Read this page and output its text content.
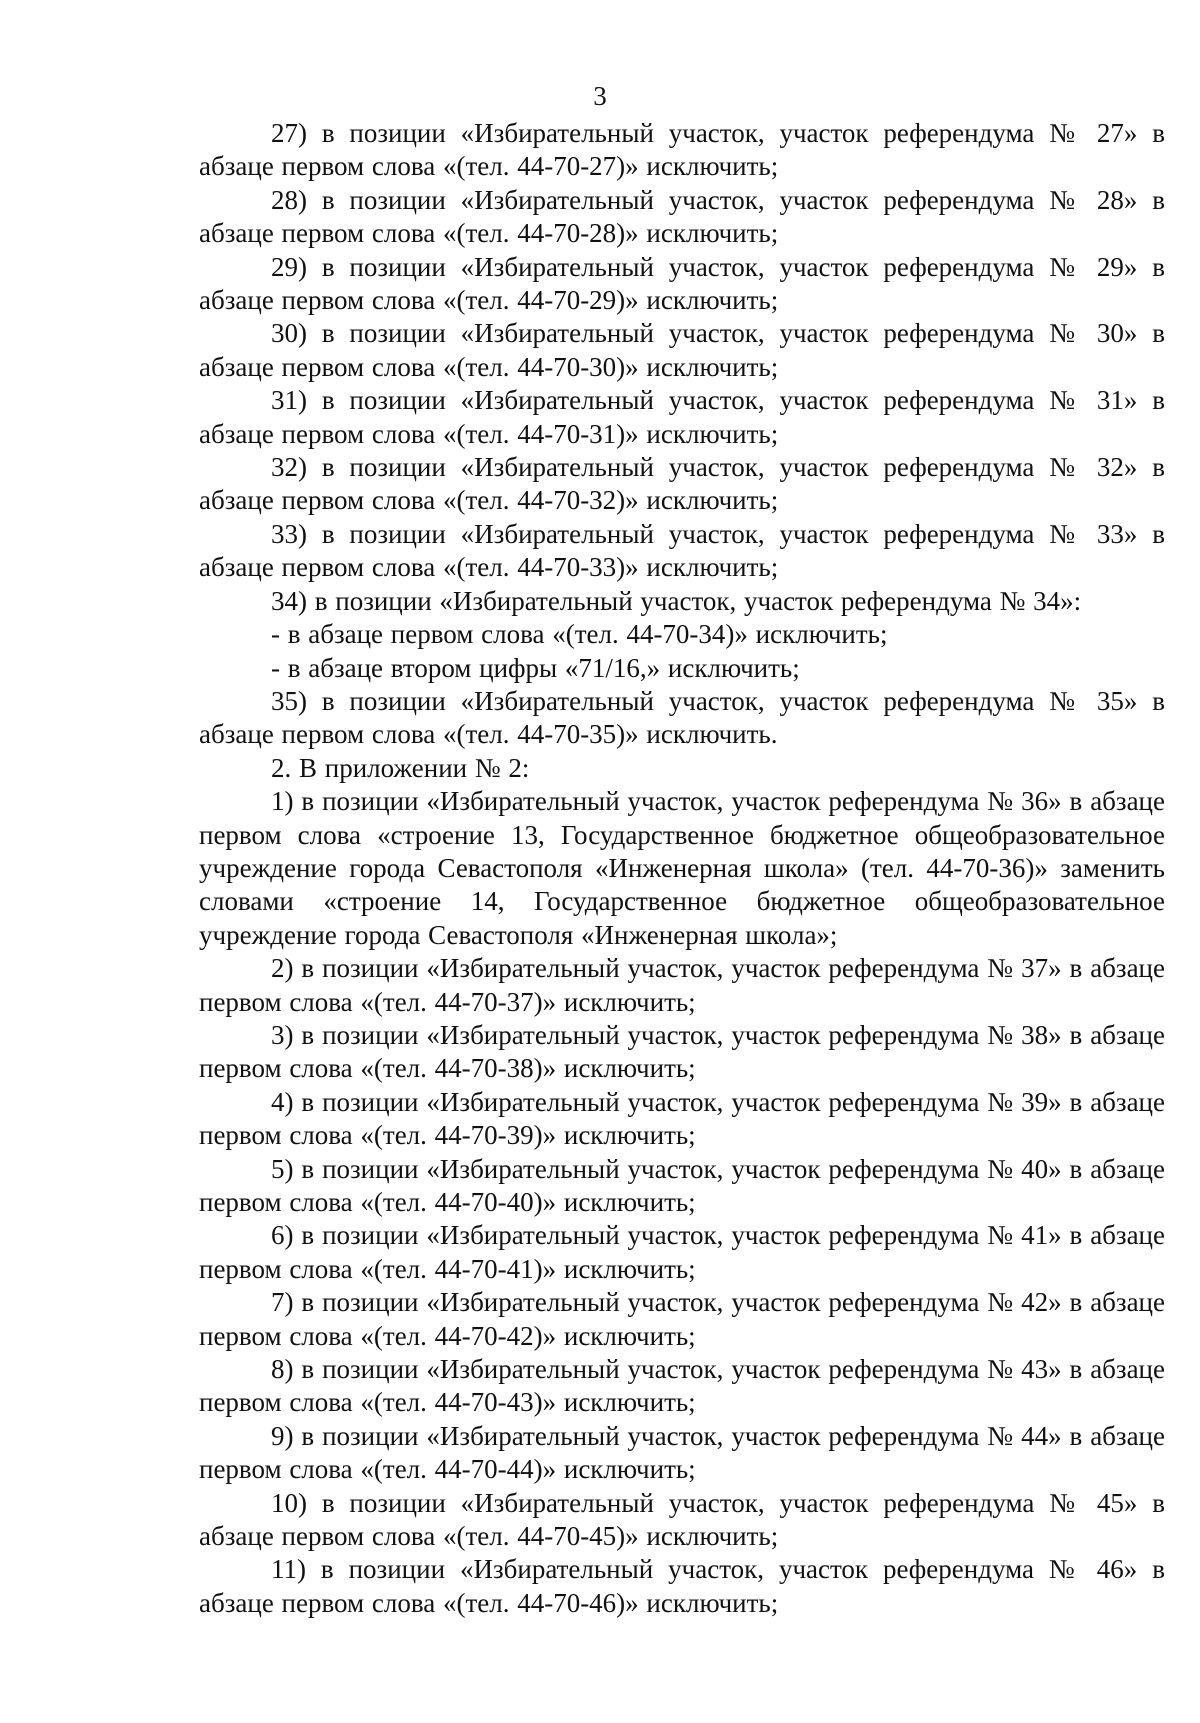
3

27) в позиции «Избирательный участок, участок референдума № 27» в абзаце первом слова «(тел. 44-70-27)» исключить;

28) в позиции «Избирательный участок, участок референдума № 28» в абзаце первом слова «(тел. 44-70-28)» исключить;

29) в позиции «Избирательный участок, участок референдума № 29» в абзаце первом слова «(тел. 44-70-29)» исключить;

30) в позиции «Избирательный участок, участок референдума № 30» в абзаце первом слова «(тел. 44-70-30)» исключить;

31) в позиции «Избирательный участок, участок референдума № 31» в абзаце первом слова «(тел. 44-70-31)» исключить;

32) в позиции «Избирательный участок, участок референдума № 32» в абзаце первом слова «(тел. 44-70-32)» исключить;

33) в позиции «Избирательный участок, участок референдума № 33» в абзаце первом слова «(тел. 44-70-33)» исключить;

34) в позиции «Избирательный участок, участок референдума № 34»:

- в абзаце первом слова «(тел. 44-70-34)» исключить;

- в абзаце втором цифры «71/16,» исключить;

35) в позиции «Избирательный участок, участок референдума № 35» в абзаце первом слова «(тел. 44-70-35)» исключить.

2. В приложении № 2:

1) в позиции «Избирательный участок, участок референдума № 36» в абзаце первом слова «строение 13, Государственное бюджетное общеобразовательное учреждение города Севастополя «Инженерная школа» (тел. 44-70-36)» заменить словами «строение 14, Государственное бюджетное общеобразовательное учреждение города Севастополя «Инженерная школа»;

2) в позиции «Избирательный участок, участок референдума № 37» в абзаце первом слова «(тел. 44-70-37)» исключить;

3) в позиции «Избирательный участок, участок референдума № 38» в абзаце первом слова «(тел. 44-70-38)» исключить;

4) в позиции «Избирательный участок, участок референдума № 39» в абзаце первом слова «(тел. 44-70-39)» исключить;

5) в позиции «Избирательный участок, участок референдума № 40» в абзаце первом слова «(тел. 44-70-40)» исключить;

6) в позиции «Избирательный участок, участок референдума № 41» в абзаце первом слова «(тел. 44-70-41)» исключить;

7) в позиции «Избирательный участок, участок референдума № 42» в абзаце первом слова «(тел. 44-70-42)» исключить;

8) в позиции «Избирательный участок, участок референдума № 43» в абзаце первом слова «(тел. 44-70-43)» исключить;

9) в позиции «Избирательный участок, участок референдума № 44» в абзаце первом слова «(тел. 44-70-44)» исключить;

10) в позиции «Избирательный участок, участок референдума № 45» в абзаце первом слова «(тел. 44-70-45)» исключить;

11) в позиции «Избирательный участок, участок референдума № 46» в абзаце первом слова «(тел. 44-70-46)» исключить;
